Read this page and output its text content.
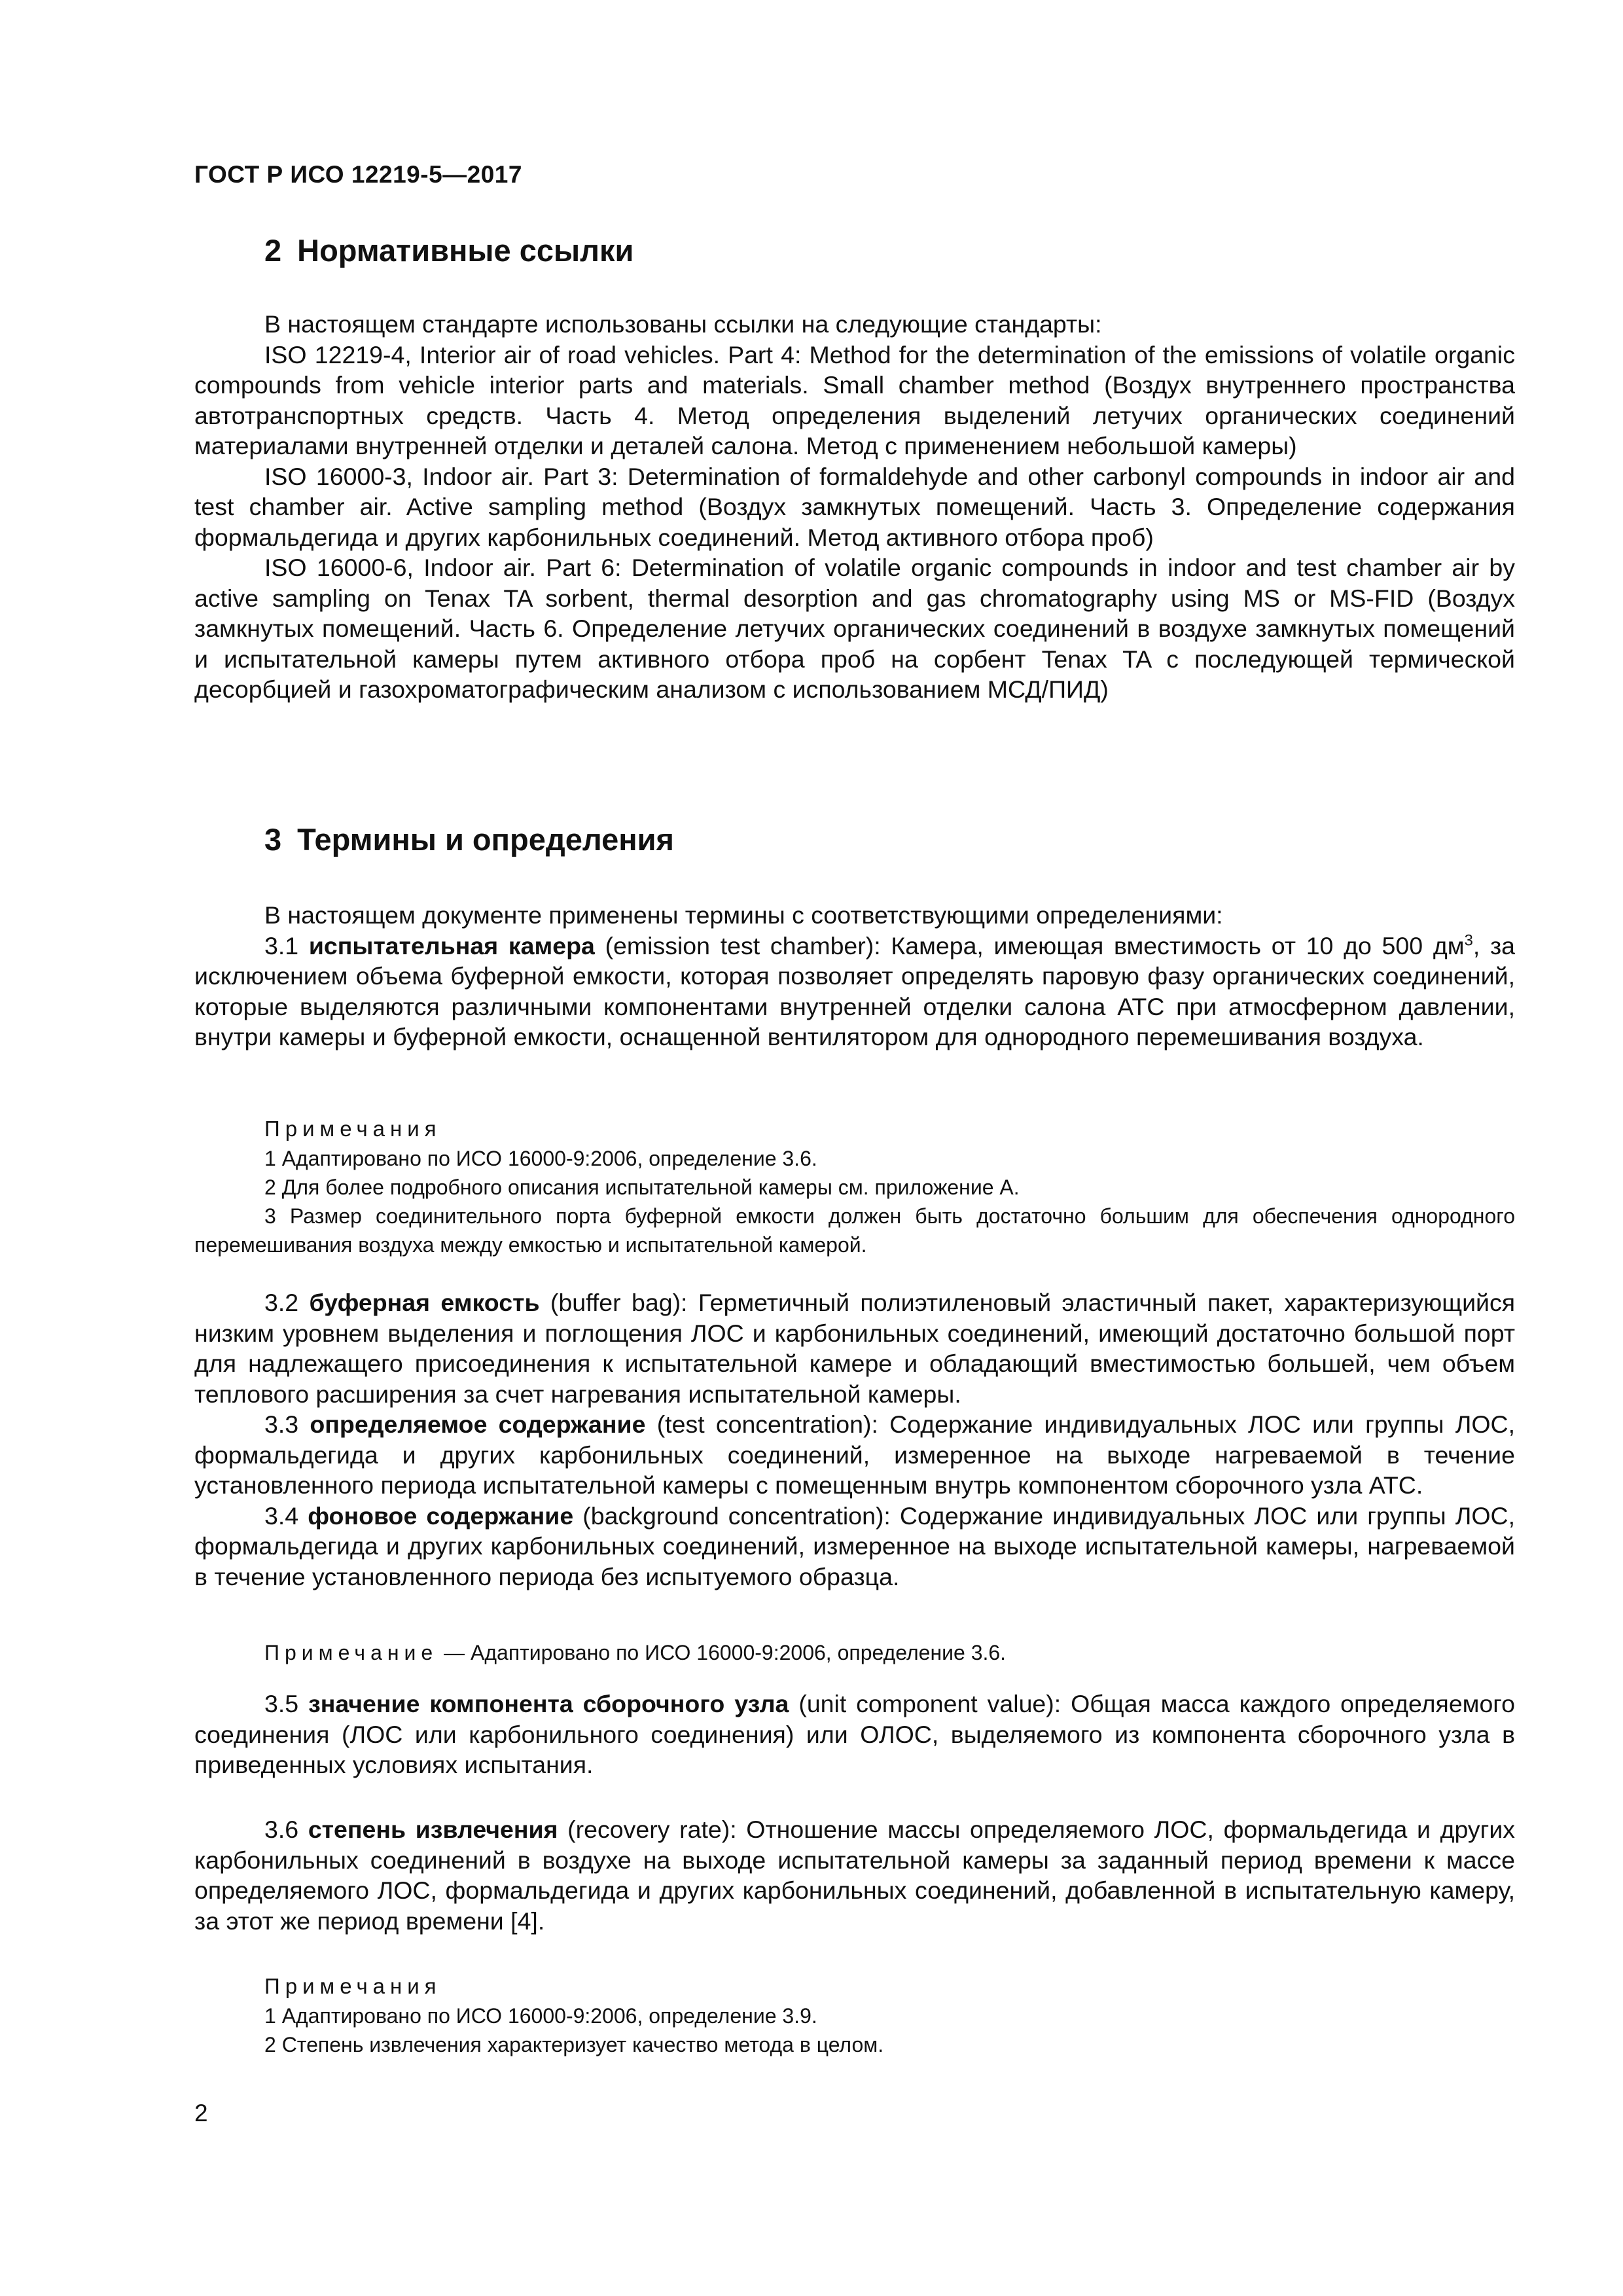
ГОСТ Р ИСО 12219-5—2017
2 Нормативные ссылки

В настоящем стандарте использованы ссылки на следующие стандарты:

ISO 12219-4, Interior air of road vehicles. Part 4: Method for the determination of the emissions of volatile organic compounds from vehicle interior parts and materials. Small chamber method (Воздух внутреннего пространства автотранспортных средств. Часть 4. Метод определения выделений летучих органических соединений материалами внутренней отделки и деталей салона. Метод с применением небольшой камеры)

ISO 16000-3, Indoor air. Part 3: Determination of formaldehyde and other carbonyl compounds in indoor air and test chamber air. Active sampling method (Воздух замкнутых помещений. Часть 3. Определение содержания формальдегида и других карбонильных соединений. Метод активного отбора проб)

ISO 16000-6, Indoor air. Part 6: Determination of volatile organic compounds in indoor and test chamber air by active sampling on Tenax TA sorbent, thermal desorption and gas chromatography using MS or MS-FID (Воздух замкнутых помещений. Часть 6. Определение летучих органических соединений в воздухе замкнутых помещений и испытательной камеры путем активного отбора проб на сорбент Tenax TA с последующей термической десорбцией и газохроматографическим анализом с использованием МСД/ПИД)

3 Термины и определения

В настоящем документе применены термины с соответствующими определениями:

3.1 испытательная камера (emission test chamber): Камера, имеющая вместимость от 10 до 500 $дм^3$, за исключением объема буферной емкости, которая позволяет определять паровую фазу органических соединений, которые выделяются различными компонентами внутренней отделки салона АТС при атмосферном давлении, внутри камеры и буферной емкости, оснащенной вентилятором для однородного перемешивания воздуха.

Примечания
1 Адаптировано по ИСО 16000-9:2006, определение 3.6.
2 Для более подробного описания испытательной камеры см. приложение А.
3 Размер соединительного порта буферной емкости должен быть достаточно большим для обеспечения однородного перемешивания воздуха между емкостью и испытательной камерой.

3.2 буферная емкость (buffer bag): Герметичный полиэтиленовый эластичный пакет, характеризующийся низким уровнем выделения и поглощения ЛОС и карбонильных соединений, имеющий достаточно большой порт для надлежащего присоединения к испытательной камере и обладающий вместимостью большей, чем объем теплового расширения за счет нагревания испытательной камеры.

3.3 определяемое содержание (test concentration): Содержание индивидуальных ЛОС или группы ЛОС, формальдегида и других карбонильных соединений, измеренное на выходе нагреваемой в течение установленного периода испытательной камеры с помещенным внутрь компонентом сборочного узла АТС.

3.4 фоновое содержание (background concentration): Содержание индивидуальных ЛОС или группы ЛОС, формальдегида и других карбонильных соединений, измеренное на выходе испытательной камеры, нагреваемой в течение установленного периода без испытуемого образца.

Примечание — Адаптировано по ИСО 16000-9:2006, определение 3.6.

3.5 значение компонента сборочного узла (unit component value): Общая масса каждого определяемого соединения (ЛОС или карбонильного соединения) или ОЛОС, выделяемого из компонента сборочного узла в приведенных условиях испытания.

3.6 степень извлечения (recovery rate): Отношение массы определяемого ЛОС, формальдегида и других карбонильных соединений в воздухе на выходе испытательной камеры за заданный период времени к массе определяемого ЛОС, формальдегида и других карбонильных соединений, добавленной в испытательную камеру, за этот же период времени [4].

Примечания
1 Адаптировано по ИСО 16000-9:2006, определение 3.9.
2 Степень извлечения характеризует качество метода в целом.
2
